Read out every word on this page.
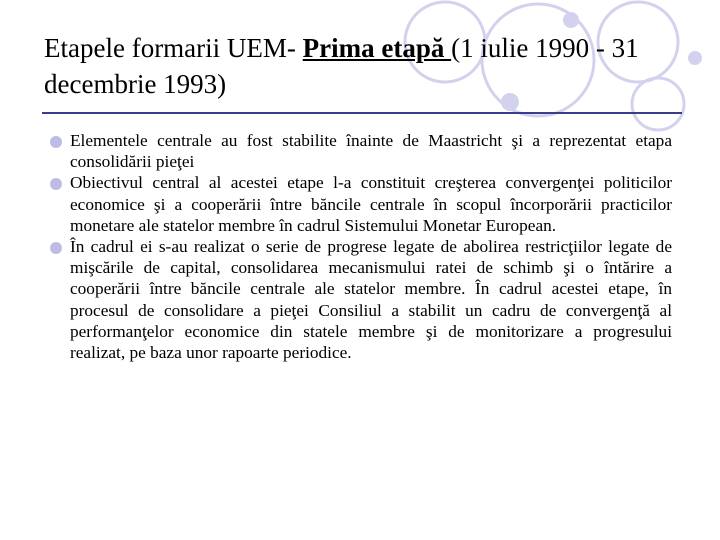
Etapele formarii UEM- Prima etapă (1 iulie 1990 - 31 decembrie 1993)
Elementele centrale au fost stabilite înainte de Maastricht şi a reprezentat etapa consolidării pieţei
Obiectivul central al acestei etape l-a constituit creşterea convergenţei politicilor economice şi a cooperării între băncile centrale în scopul încorporării practicilor monetare ale statelor membre în cadrul Sistemului Monetar European.
În cadrul ei s-au realizat o serie de progrese legate de abolirea restricţiilor legate de mişcările de capital, consolidarea mecanismului ratei de schimb şi o întărire a cooperării între băncile centrale ale statelor membre. În cadrul acestei etape, în procesul de consolidare a pieţei Consiliul a stabilit un cadru de convergenţă al performanţelor economice din statele membre şi de monitorizare a progresului realizat, pe baza unor rapoarte periodice.
